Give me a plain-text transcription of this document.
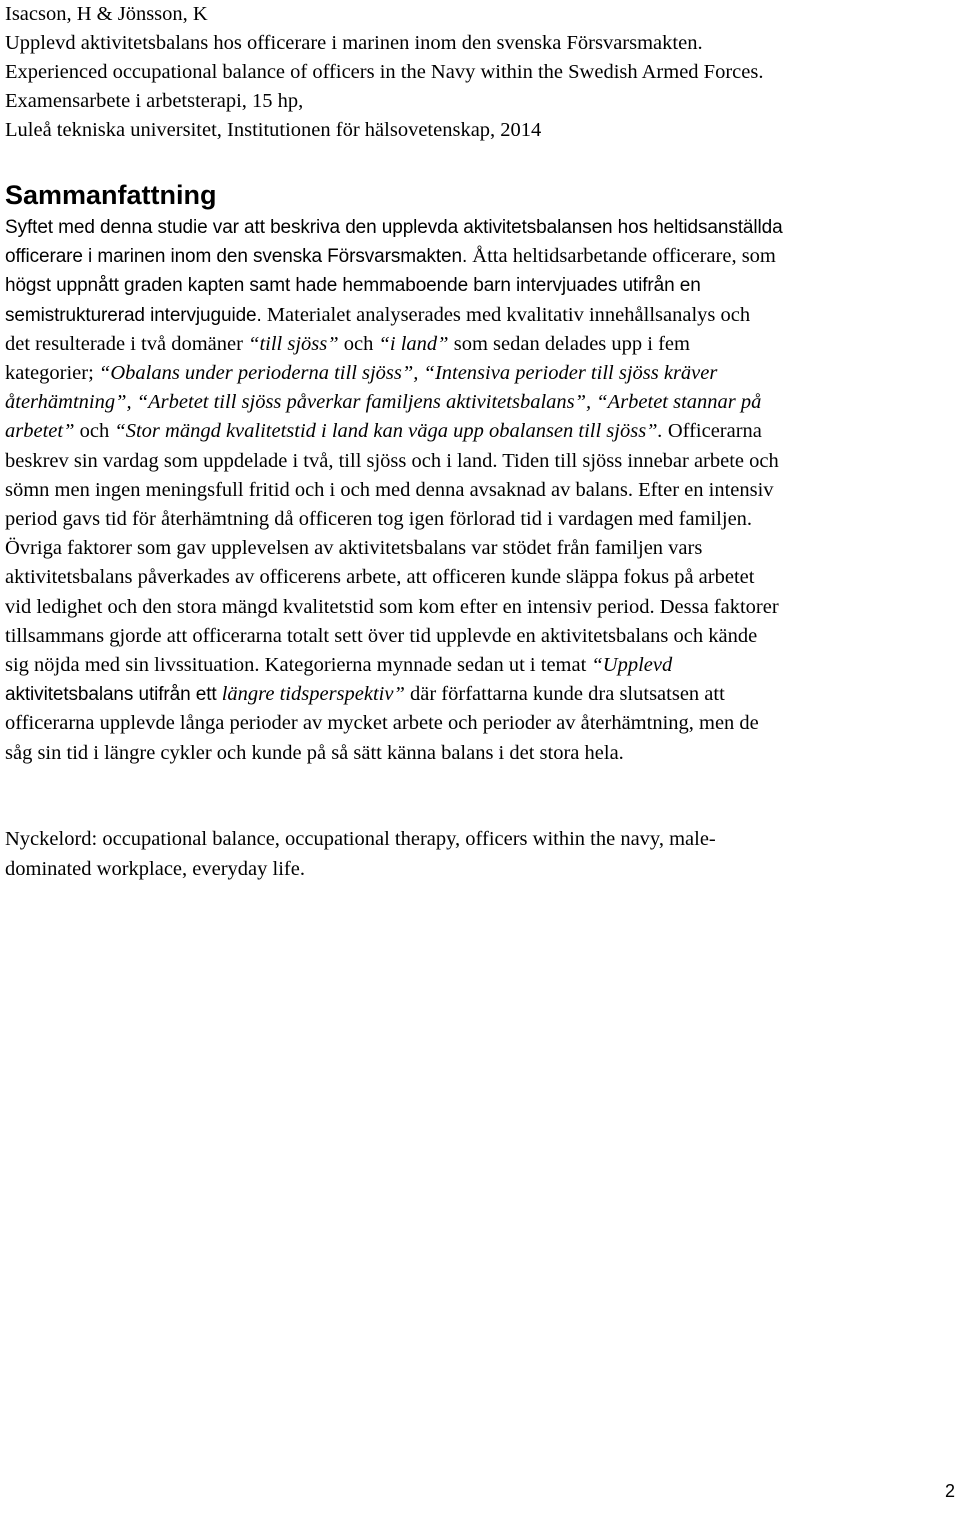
Isacson, H & Jönsson, K
Upplevd aktivitetsbalans hos officerare i marinen inom den svenska Försvarsmakten.
Experienced occupational balance of officers in the Navy within the Swedish Armed Forces.
Examensarbete i arbetsterapi, 15 hp,
Luleå tekniska universitet, Institutionen för hälsovetenskap, 2014
Sammanfattning
Syftet med denna studie var att beskriva den upplevda aktivitetsbalansen hos heltidsanställda
officerare i marinen inom den svenska Försvarsmakten. Åtta heltidsarbetande officerare, som
högst uppnått graden kapten samt hade hemmaboende barn intervjuades utifrån en
semistrukturerad intervjuguide. Materialet analyserades med kvalitativ innehållsanalys och
det resulterade i två domäner “till sjöss” och “i land” som sedan delades upp i fem
kategorier; “Obalans under perioderna till sjöss”, “Intensiva perioder till sjöss kräver
återhämtning”, “Arbetet till sjöss påverkar familjens aktivitetsbalans”, “Arbetet stannar på
arbetet” och “Stor mängd kvalitetstid i land kan väga upp obalansen till sjöss”. Officerarna
beskrev sin vardag som uppdelade i två, till sjöss och i land. Tiden till sjöss innebar arbete och
sömn men ingen meningsfull fritid och i och med denna avsaknad av balans. Efter en intensiv
period gavs tid för återhämtning då officeren tog igen förlorad tid i vardagen med familjen.
Övriga faktorer som gav upplevelsen av aktivitetsbalans var stödet från familjen vars
aktivitetsbalans påverkades av officerens arbete, att officeren kunde släppa fokus på arbetet
vid ledighet och den stora mängd kvalitetstid som kom efter en intensiv period. Dessa faktorer
tillsammans gjorde att officerarna totalt sett över tid upplevde en aktivitetsbalans och kände
sig nöjda med sin livssituation. Kategorierna mynnade sedan ut i temat “Upplevd
aktivitetsbalans utifrån ett längre tidsperspektiv” där författarna kunde dra slutsatsen att
officerarna upplevde långa perioder av mycket arbete och perioder av återhämtning, men de
såg sin tid i längre cykler och kunde på så sätt känna balans i det stora hela.
Nyckelord: occupational balance, occupational therapy, officers within the navy, male-
dominated workplace, everyday life.
2
